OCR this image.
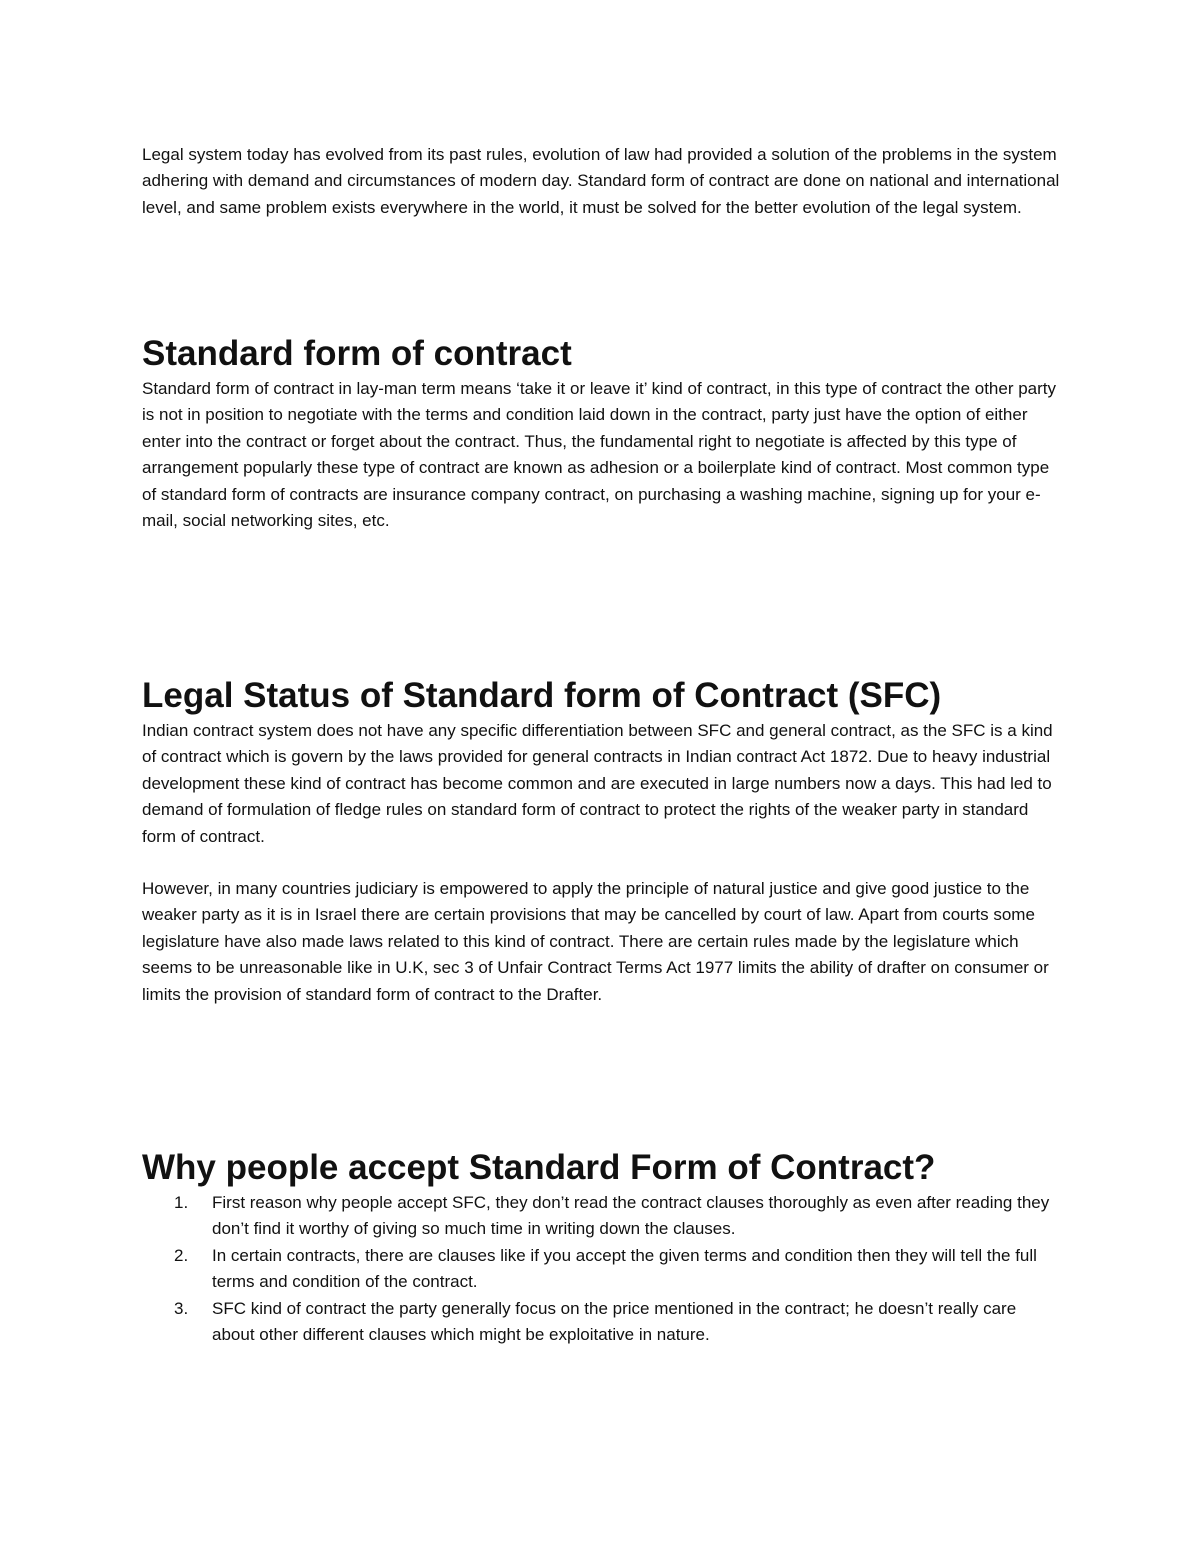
Legal system today has evolved from its past rules, evolution of law had provided a solution of the problems in the system adhering with demand and circumstances of modern day. Standard form of contract are done on national and international level, and same problem exists everywhere in the world, it must be solved for the better evolution of the legal system.

Standard form of contract

Standard form of contract in lay-man term means ‘take it or leave it’ kind of contract, in this type of contract the other party is not in position to negotiate with the terms and condition laid down in the contract, party just have the option of either enter into the contract or forget about the contract. Thus, the fundamental right to negotiate is affected by this type of arrangement popularly these type of contract are known as adhesion or a boilerplate kind of contract. Most common type of standard form of contracts are insurance company contract, on purchasing a washing machine, signing up for your e-mail, social networking sites, etc.

Legal Status of Standard form of Contract (SFC)

Indian contract system does not have any specific differentiation between SFC and general contract, as the SFC is a kind of contract which is govern by the laws provided for general contracts in Indian contract Act 1872. Due to heavy industrial development these kind of contract has become common and are executed in large numbers now a days. This had led to demand of formulation of fledge rules on standard form of contract to protect the rights of the weaker party in standard form of contract.

However, in many countries judiciary is empowered to apply the principle of natural justice and give good justice to the weaker party as it is in Israel there are certain provisions that may be cancelled by court of law. Apart from courts some legislature have also made laws related to this kind of contract. There are certain rules made by the legislature which seems to be unreasonable like in U.K, sec 3 of Unfair Contract Terms Act 1977 limits the ability of drafter on consumer or limits the provision of standard form of contract to the Drafter.

Why people accept Standard Form of Contract?
1. First reason why people accept SFC, they don’t read the contract clauses thoroughly as even after reading they don’t find it worthy of giving so much time in writing down the clauses.
2. In certain contracts, there are clauses like if you accept the given terms and condition then they will tell the full terms and condition of the contract.
3. SFC kind of contract the party generally focus on the price mentioned in the contract; he doesn’t really care about other different clauses which might be exploitative in nature.
